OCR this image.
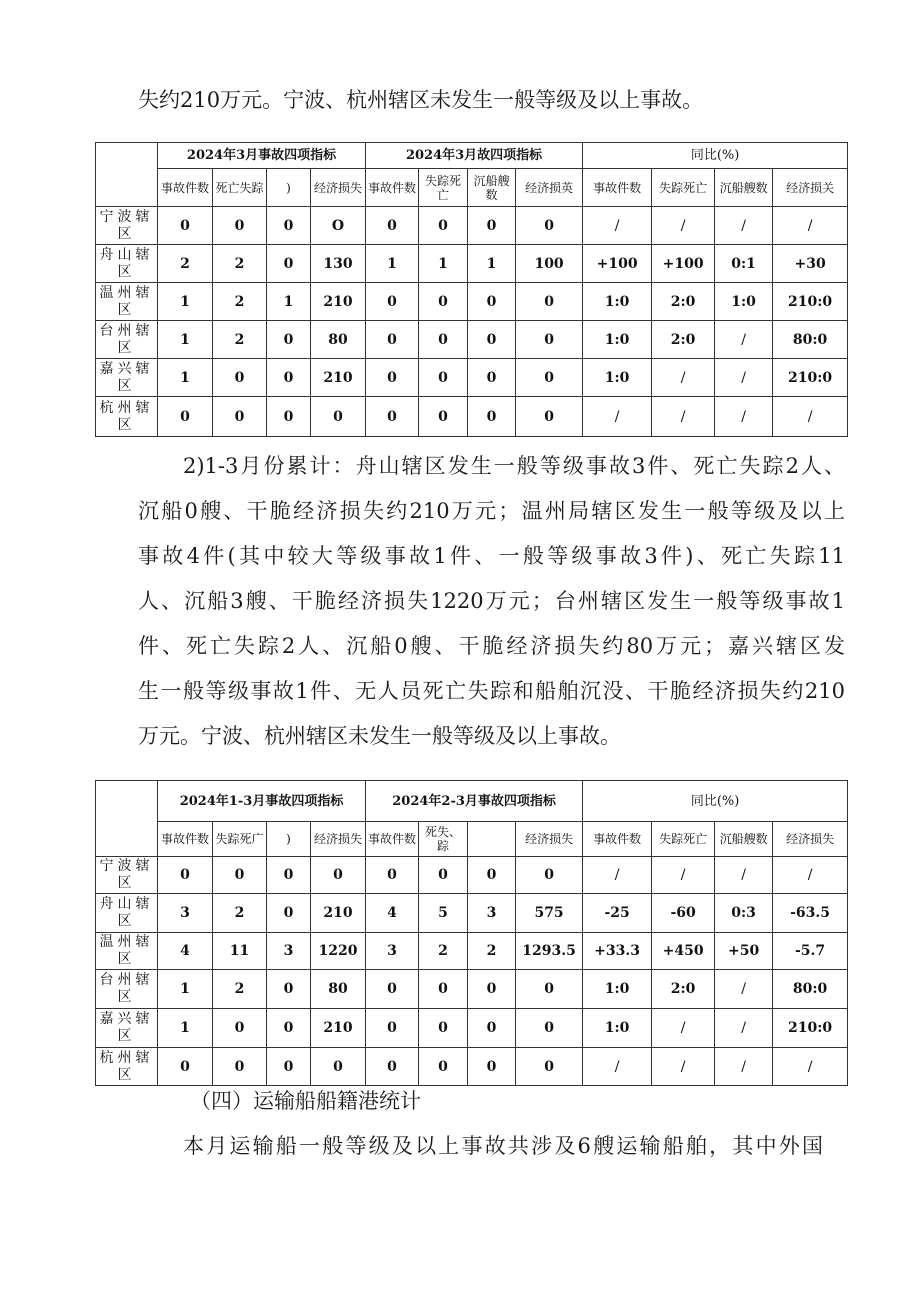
失约210万元。宁波、杭州辖区未发生一般等级及以上事故。
	2024年3月事故四项指标				2024年3月故四项指标				同比(%)			
	事故件数	死亡失踪	)	经济损失	事故件数	失踪死亡	沉船艘数	经济损英	事故件数	失踪死亡	沉船艘数	经济损关
宁波辖区	0	0	0	O	0	0	0	0	/	/	/	/
舟山辖区	2	2	0	130	1	1	1	100	+100	+100	0:1	+30
温州辖区	1	2	1	210	0	0	0	0	1:0	2:0	1:0	210:0
台州辖区	1	2	0	80	0	0	0	0	1:0	2:0	/	80:0
嘉兴辖区	1	0	0	210	0	0	0	0	1:0	/	/	210:0
杭州辖区	0	0	0	0	0	0	0	0	/	/	/	/
2)1-3月份累计：舟山辖区发生一般等级事故3件、死亡失踪2人、
沉船0艘、干脆经济损失约210万元；温州局辖区发生一般等级及以上
事故4件(其中较大等级事故1件、一般等级事故3件)、死亡失踪11
人、沉船3艘、干脆经济损失1220万元；台州辖区发生一般等级事故1
件、死亡失踪2人、沉船0艘、干脆经济损失约80万元；嘉兴辖区发
生一般等级事故1件、无人员死亡失踪和船舶沉没、干脆经济损失约210
万元。宁波、杭州辖区未发生一般等级及以上事故。
	2024年1-3月事故四项指标				2024年2-3月事故四项指标				同比(%)			
	事故件数	失踪死广	)	经济损失	事故件数	死失、踪		经济损失	事故件数	失踪死亡	沉船艘数	经济损失
宁波辖区	0	0	0	0	0	0	0	0	/	/	/	/
舟山辖区	3	2	0	210	4	5	3	575	-25	-60	0:3	-63.5
温州辖区	4	11	3	1220	3	2	2	1293.5	+33.3	+450	+50	-5.7
台州辖区	1	2	0	80	0	0	0	0	1:0	2:0	/	80:0
嘉兴辖区	1	0	0	210	0	0	0	0	1:0	/	/	210:0
杭州辖区	0	0	0	0	0	0	0	0	/	/	/	/
（四）运输船船籍港统计
本月运输船一般等级及以上事故共涉及6艘运输船舶，其中外国
